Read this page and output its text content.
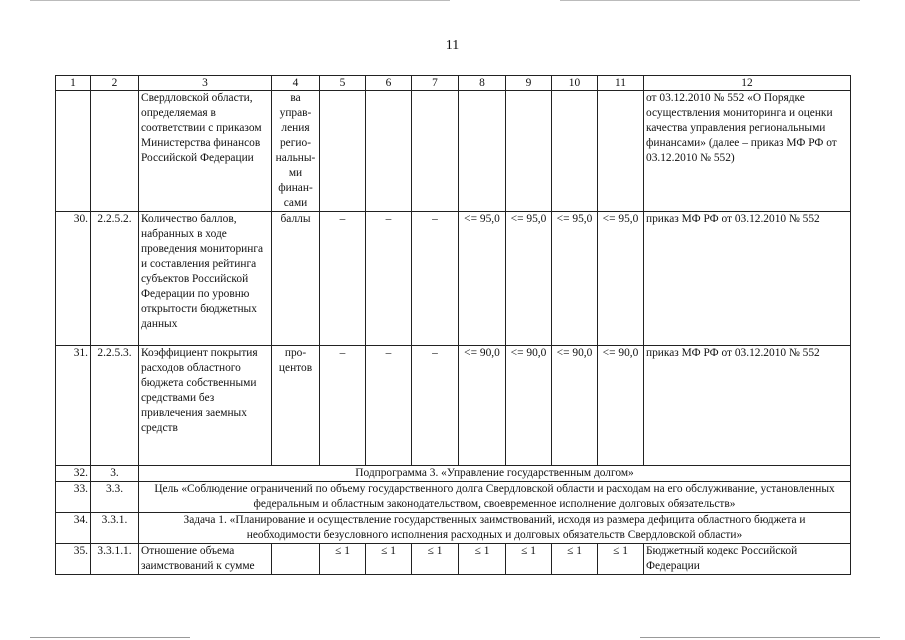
11
1	2	3	4	5	6	7	8	9	10	11	12
		Свердловской области, определяемая в соответствии с приказом Министерства финансов Российской Федерации	ва управ-ления регио-нальны-ми финан-сами								от 03.12.2010 № 552 «О Порядке осуществления мониторинга и оценки качества управления региональными финансами» (далее – приказ МФ РФ от 03.12.2010 № 552)
30.	2.2.5.2.	Количество баллов, набранных в ходе проведения мониторинга и составления рейтинга субъектов Российской Федерации по уровню открытости бюджетных данных	баллы	–	–	–	<= 95,0	<= 95,0	<= 95,0	<= 95,0	приказ МФ РФ от 03.12.2010 № 552
31.	2.2.5.3.	Коэффициент покрытия расходов областного бюджета собственными средствами без привлечения заемных средств	про-центов	–	–	–	<= 90,0	<= 90,0	<= 90,0	<= 90,0	приказ МФ РФ от 03.12.2010 № 552
32.	3.	Подпрограмма 3. «Управление государственным долгом»									
33.	3.3.	Цель «Соблюдение ограничений по объему государственного долга Свердловской области и расходам на его обслуживание, установленных федеральным и областным законодательством, своевременное исполнение долговых обязательств»									
34.	3.3.1.	Задача 1. «Планирование и осуществление государственных заимствований, исходя из размера дефицита областного бюджета и необходимости безусловного исполнения расходных и долговых обязательств Свердловской области»									
35.	3.3.1.1.	Отношение объема заимствований к сумме		≤ 1	≤ 1	≤ 1	≤ 1	≤ 1	≤ 1	≤ 1	Бюджетный кодекс Российской Федерации
